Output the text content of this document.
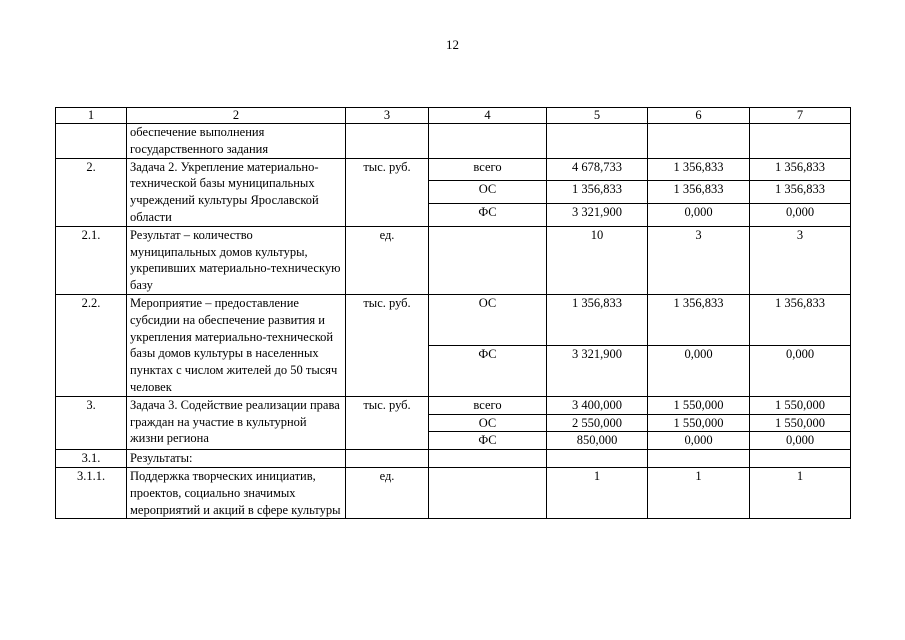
12
1	2	3	4	5	6	7
	обеспечение выполнения государственного задания					
2.	Задача 2. Укрепление материально-технической базы муниципальных учреждений культуры Ярославской области	тыс. руб.	всего	4 678,733	1 356,833	1 356,833
			ОС	1 356,833	1 356,833	1 356,833
			ФС	3 321,900	0,000	0,000
2.1.	Результат – количество муниципальных домов культуры, укрепивших материально-техническую базу	ед.		10	3	3
2.2.	Мероприятие – предоставление субсидии на обеспечение развития и укрепления материально-технической базы домов культуры в населенных пунктах с числом жителей до 50 тысяч человек	тыс. руб.	ОС	1 356,833	1 356,833	1 356,833
			ФС	3 321,900	0,000	0,000
3.	Задача 3. Содействие реализации права граждан на участие в культурной жизни региона	тыс. руб.	всего	3 400,000	1 550,000	1 550,000
			ОС	2 550,000	1 550,000	1 550,000
			ФС	850,000	0,000	0,000
3.1.	Результаты:					
3.1.1.	Поддержка творческих инициатив, проектов, социально значимых мероприятий и акций в сфере культуры	ед.		1	1	1
